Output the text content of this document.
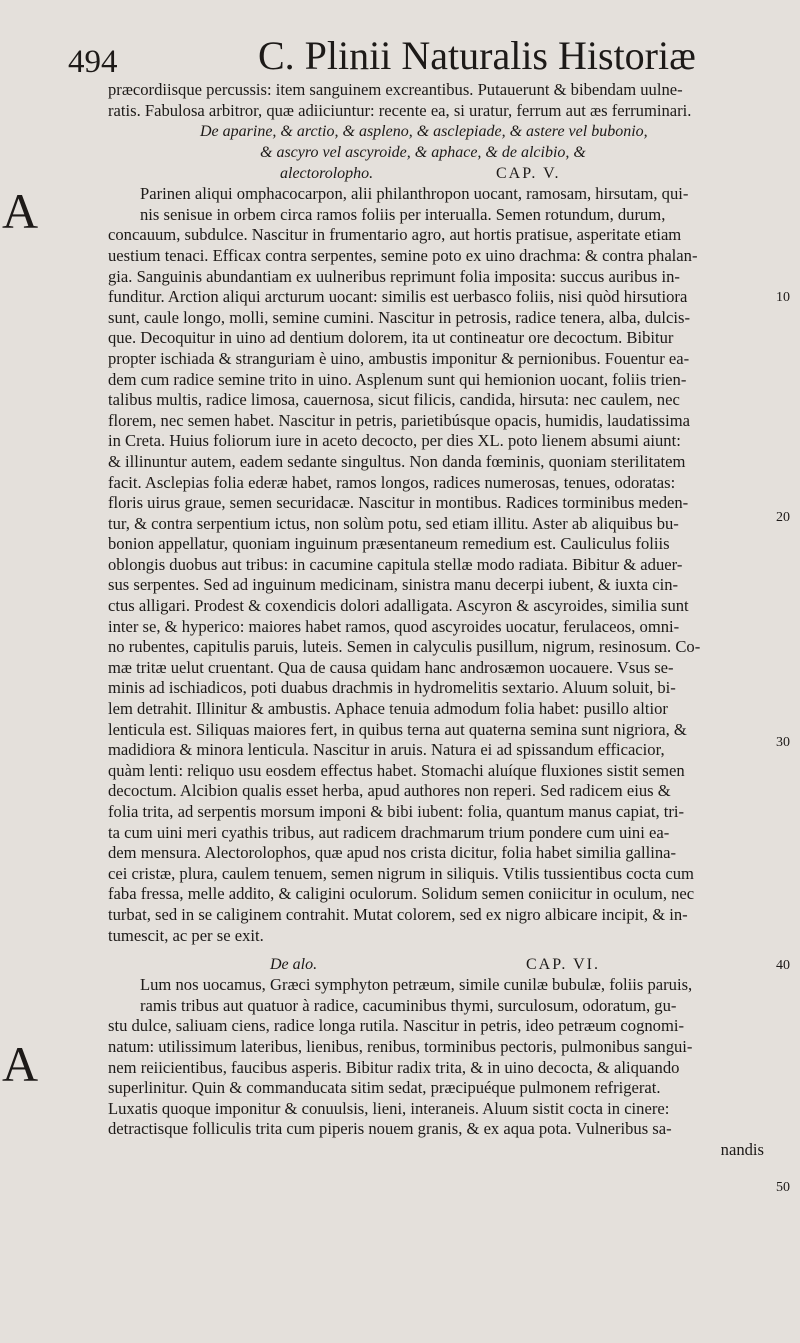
494	C. Plinii Naturalis Historiæ
10
20
30
40
50
A
A
præcordiisque percussis: item sanguinem excreantibus. Putauerunt & bibendam uulne-
ratis. Fabulosa arbitror, quæ adiiciuntur: recente ea, si uratur, ferrum aut æs ferruminari.
De aparine, & arctio, & aspleno, & asclepiade, & astere vel bubonio,
& ascyro vel ascyroide, & aphace, & de alcibio, &
alectorolopho.	CAP. V.
Parinen aliqui omphacocarpon, alii philanthropon uocant, ramosam, hirsutam, qui-
nis senisue in orbem circa ramos foliis per interualla. Semen rotundum, durum,
concauum, subdulce. Nascitur in frumentario agro, aut hortis pratisue, asperitate etiam
uestium tenaci. Efficax contra serpentes, semine poto ex uino drachma: & contra phalan-
gia. Sanguinis abundantiam ex uulneribus reprimunt folia imposita: succus auribus in-
funditur. Arction aliqui arcturum uocant: similis est uerbasco foliis, nisi quòd hirsutiora
sunt, caule longo, molli, semine cumini. Nascitur in petrosis, radice tenera, alba, dulcis-
que. Decoquitur in uino ad dentium dolorem, ita ut contineatur ore decoctum. Bibitur
propter ischiada & stranguriam è uino, ambustis imponitur & pernionibus. Fouentur ea-
dem cum radice semine trito in uino. Asplenum sunt qui hemionion uocant, foliis trien-
talibus multis, radice limosa, cauernosa, sicut filicis, candida, hirsuta: nec caulem, nec
florem, nec semen habet. Nascitur in petris, parietibúsque opacis, humidis, laudatissima
in Creta. Huius foliorum iure in aceto decocto, per dies XL. poto lienem absumi aiunt:
& illinuntur autem, eadem sedante singultus. Non danda fœminis, quoniam sterilitatem
facit. Asclepias folia ederæ habet, ramos longos, radices numerosas, tenues, odoratas:
floris uirus graue, semen securidacæ. Nascitur in montibus. Radices torminibus meden-
tur, & contra serpentium ictus, non solùm potu, sed etiam illitu. Aster ab aliquibus bu-
bonion appellatur, quoniam inguinum præsentaneum remedium est. Cauliculus foliis
oblongis duobus aut tribus: in cacumine capitula stellæ modo radiata. Bibitur & aduer-
sus serpentes. Sed ad inguinum medicinam, sinistra manu decerpi iubent, & iuxta cin-
ctus alligari. Prodest & coxendicis dolori adalligata. Ascyron & ascyroides, similia sunt
inter se, & hyperico: maiores habet ramos, quod ascyroides uocatur, ferulaceos, omni-
no rubentes, capitulis paruis, luteis. Semen in calyculis pusillum, nigrum, resinosum. Co-
mæ tritæ uelut cruentant. Qua de causa quidam hanc androsæmon uocauere. Vsus se-
minis ad ischiadicos, poti duabus drachmis in hydromelitis sextario. Aluum soluit, bi-
lem detrahit. Illinitur & ambustis. Aphace tenuia admodum folia habet: pusillo altior
lenticula est. Siliquas maiores fert, in quibus terna aut quaterna semina sunt nigriora, &
madidiora & minora lenticula. Nascitur in aruis. Natura ei ad spissandum efficacior,
quàm lenti: reliquo usu eosdem effectus habet. Stomachi aluíque fluxiones sistit semen
decoctum. Alcibion qualis esset herba, apud authores non reperi. Sed radicem eius &
folia trita, ad serpentis morsum imponi & bibi iubent: folia, quantum manus capiat, tri-
ta cum uini meri cyathis tribus, aut radicem drachmarum trium pondere cum uini ea-
dem mensura. Alectorolophos, quæ apud nos crista dicitur, folia habet similia gallina-
cei cristæ, plura, caulem tenuem, semen nigrum in siliquis. Vtilis tussientibus cocta cum
faba fressa, melle addito, & caligini oculorum. Solidum semen coniicitur in oculum, nec
turbat, sed in se caliginem contrahit. Mutat colorem, sed ex nigro albicare incipit, & in-
tumescit, ac per se exit.
De alo.	CAP. VI.
Lum nos uocamus, Græci symphyton petræum, simile cunilæ bubulæ, foliis paruis,
ramis tribus aut quatuor à radice, cacuminibus thymi, surculosum, odoratum, gu-
stu dulce, saliuam ciens, radice longa rutila. Nascitur in petris, ideo petræum cognomi-
natum: utilissimum lateribus, lienibus, renibus, torminibus pectoris, pulmonibus sangui-
nem reiicientibus, faucibus asperis. Bibitur radix trita, & in uino decocta, & aliquando
superlinitur. Quin & commanducata sitim sedat, præcipuéque pulmonem refrigerat.
Luxatis quoque imponitur & conuulsis, lieni, interaneis. Aluum sistit cocta in cinere:
detractisque folliculis trita cum piperis nouem granis, & ex aqua pota. Vulneribus sa-
nandis
